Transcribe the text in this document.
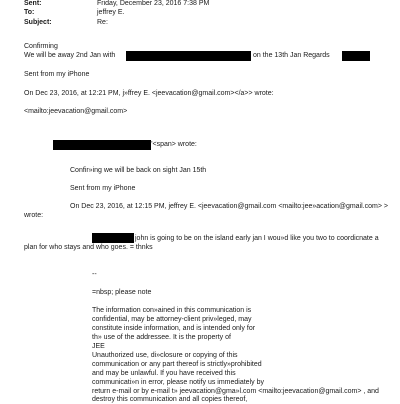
Sent:	Friday, December 23, 2016 7:38 PM
To:	jeffrey E.
Subject:	Re:
Confirming
We will be away 2nd Jan with	on the 13th Jan Regards
Sent from my iPhone
On Dec 23, 2016, at 12:21 PM, j»ffrey E. <jeevacation@gmail.com></a>> wrote:
<mailto:jeevacation@gmail.com>
"<span> wrote:
Confir»ing we will be back on sight Jan 15th
Sent from my iPhone
On Dec 23, 2016, at 12:15 PM, jeffrey E. <jeevacation@gmail.com <mailto:jee»acation@gmail.com> >
wrote:
john is going to be on the island early jan I wou»d like you two to coordicnate a
plan for who stays and who goes. = thnks
--
=nbsp; please note
The information con»ained in this communication is
confidential, may be attorney-client priv»leged, may
constitute inside information, and is intended only for
th» use of the addressee. It is the property of
JEE
Unauthorized use, di»closure or copying of this
communication or any part thereof is strictly»prohibited
and may be unlawful. If you have received this
communicati»n in error, please notify us immediately by
return e-mail or by e-mail t» jeevacation@gma»l.com <mailto:jeevacation@gmail.com> , and
destroy this communication and all copies thereof,
